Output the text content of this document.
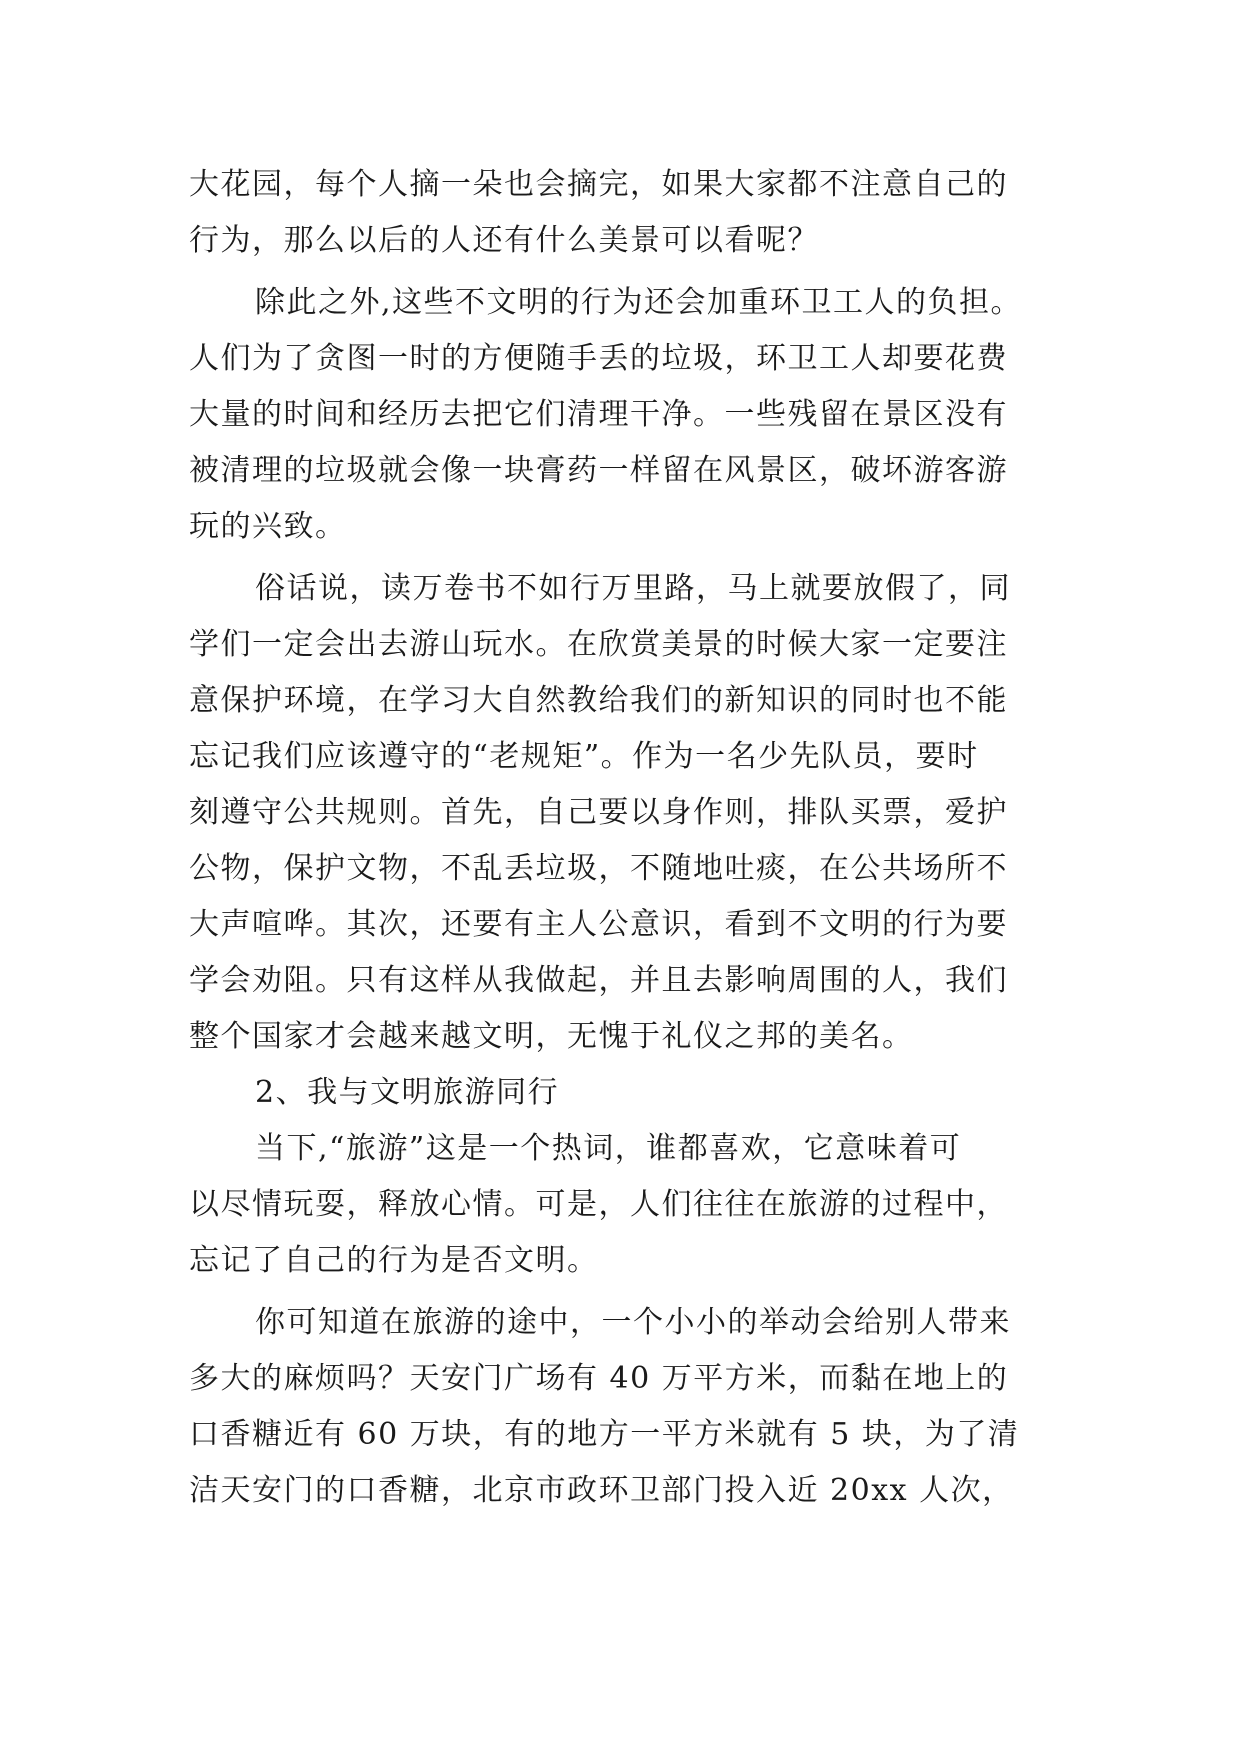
大花园，每个人摘一朵也会摘完，如果大家都不注意自己的
行为，那么以后的人还有什么美景可以看呢？
除此之外,这些不文明的行为还会加重环卫工人的负担。
人们为了贪图一时的方便随手丢的垃圾，环卫工人却要花费
大量的时间和经历去把它们清理干净。一些残留在景区没有
被清理的垃圾就会像一块膏药一样留在风景区，破坏游客游
玩的兴致。
俗话说，读万卷书不如行万里路，马上就要放假了，同
学们一定会出去游山玩水。在欣赏美景的时候大家一定要注
意保护环境，在学习大自然教给我们的新知识的同时也不能
忘记我们应该遵守的“老规矩”。作为一名少先队员，要时
刻遵守公共规则。首先，自己要以身作则，排队买票，爱护
公物，保护文物，不乱丢垃圾，不随地吐痰，在公共场所不
大声喧哗。其次，还要有主人公意识，看到不文明的行为要
学会劝阻。只有这样从我做起，并且去影响周围的人，我们
整个国家才会越来越文明，无愧于礼仪之邦的美名。
2、我与文明旅游同行
当下,“旅游”这是一个热词，谁都喜欢，它意味着可
以尽情玩耍，释放心情。可是，人们往往在旅游的过程中，
忘记了自己的行为是否文明。
你可知道在旅游的途中，一个小小的举动会给别人带来
多大的麻烦吗？天安门广场有 40 万平方米，而黏在地上的
口香糖近有 60 万块，有的地方一平方米就有 5 块，为了清
洁天安门的口香糖，北京市政环卫部门投入近 20xx 人次，
